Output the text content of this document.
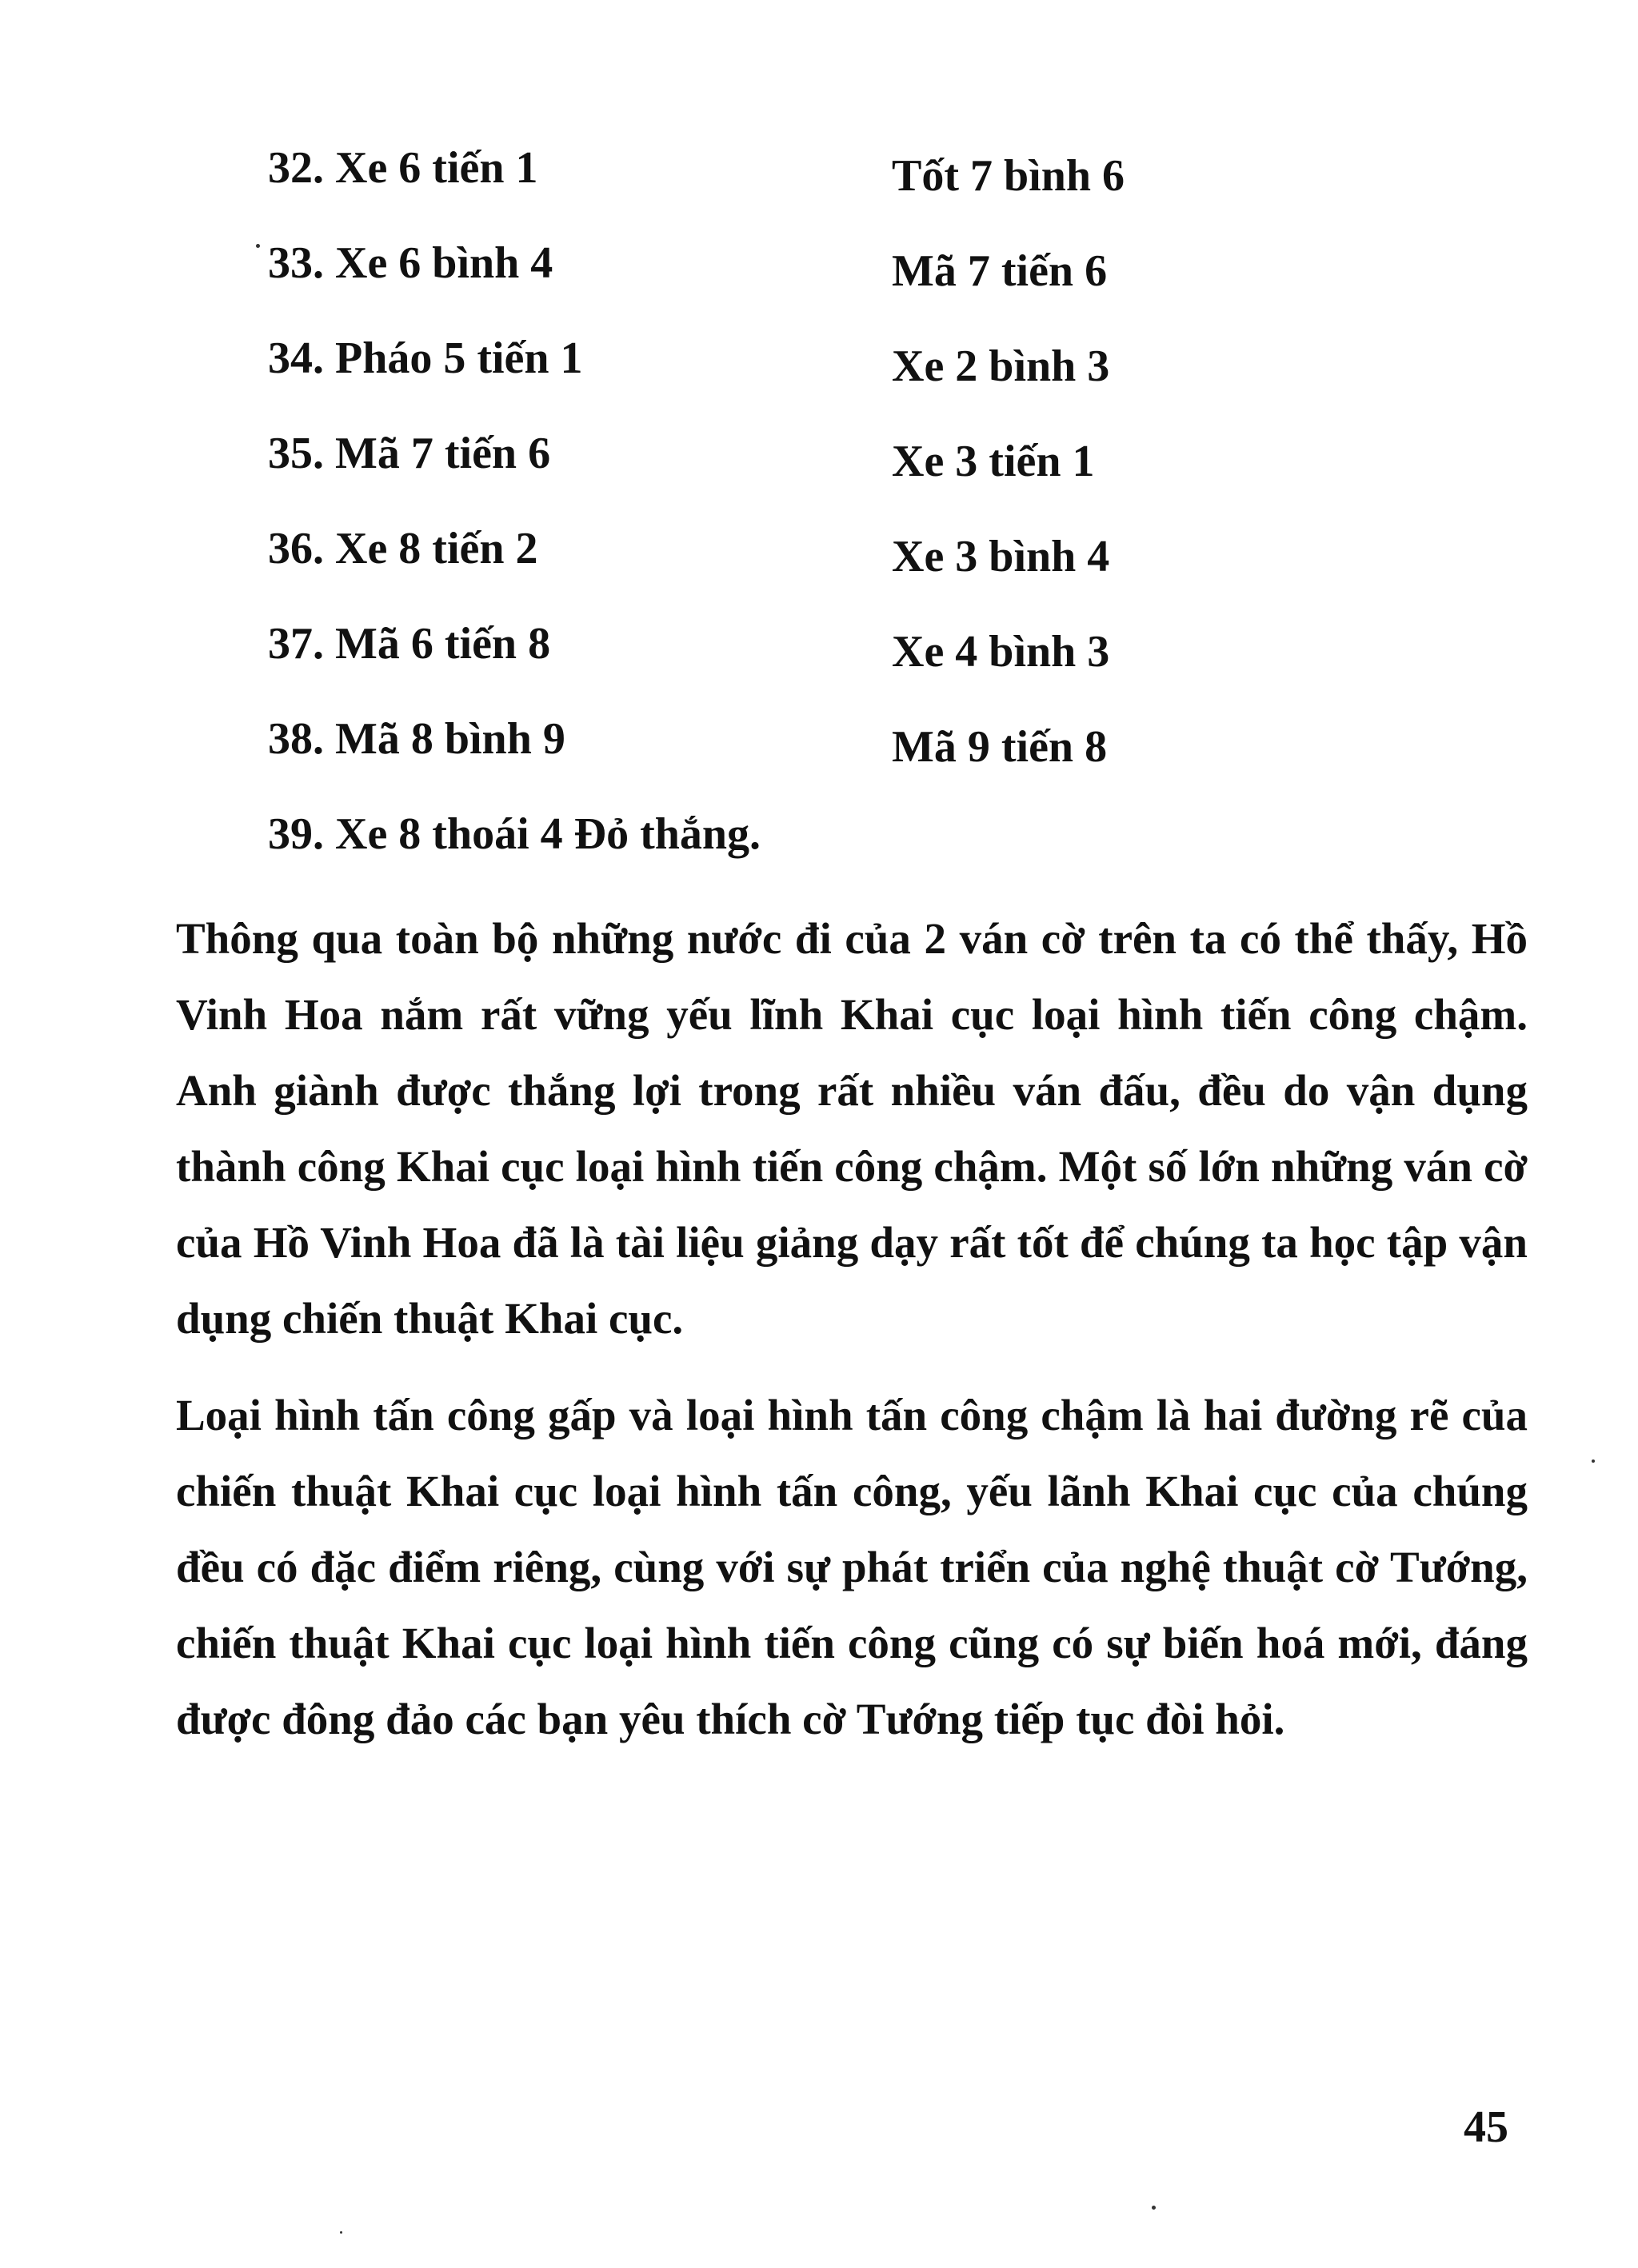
32. Xe 6 tiến 1	Tốt 7 bình 6
33. Xe 6 bình 4	Mã 7 tiến 6
34. Pháo 5 tiến 1	Xe 2 bình 3
35. Mã 7 tiến 6	Xe 3 tiến 1
36. Xe 8 tiến 2	Xe 3 bình 4
37. Mã 6 tiến 8	Xe 4 bình 3
38. Mã 8 bình 9	Mã 9 tiến 8
39. Xe 8 thoái 4 Đỏ thắng.

Thông qua toàn bộ những nước đi của 2 ván cờ trên ta có thể thấy, Hồ Vinh Hoa nắm rất vững yếu lĩnh Khai cục loại hình tiến công chậm. Anh giành được thắng lợi trong rất nhiều ván đấu, đều do vận dụng thành công Khai cục loại hình tiến công chậm. Một số lớn những ván cờ của Hồ Vinh Hoa đã là tài liệu giảng dạy rất tốt để chúng ta học tập vận dụng chiến thuật Khai cục.

Loại hình tấn công gấp và loại hình tấn công chậm là hai đường rẽ của chiến thuật Khai cục loại hình tấn công, yếu lãnh Khai cục của chúng đều có đặc điểm riêng, cùng với sự phát triển của nghệ thuật cờ Tướng, chiến thuật Khai cục loại hình tiến công cũng có sự biến hoá mới, đáng được đông đảo các bạn yêu thích cờ Tướng tiếp tục đòi hỏi.

45
